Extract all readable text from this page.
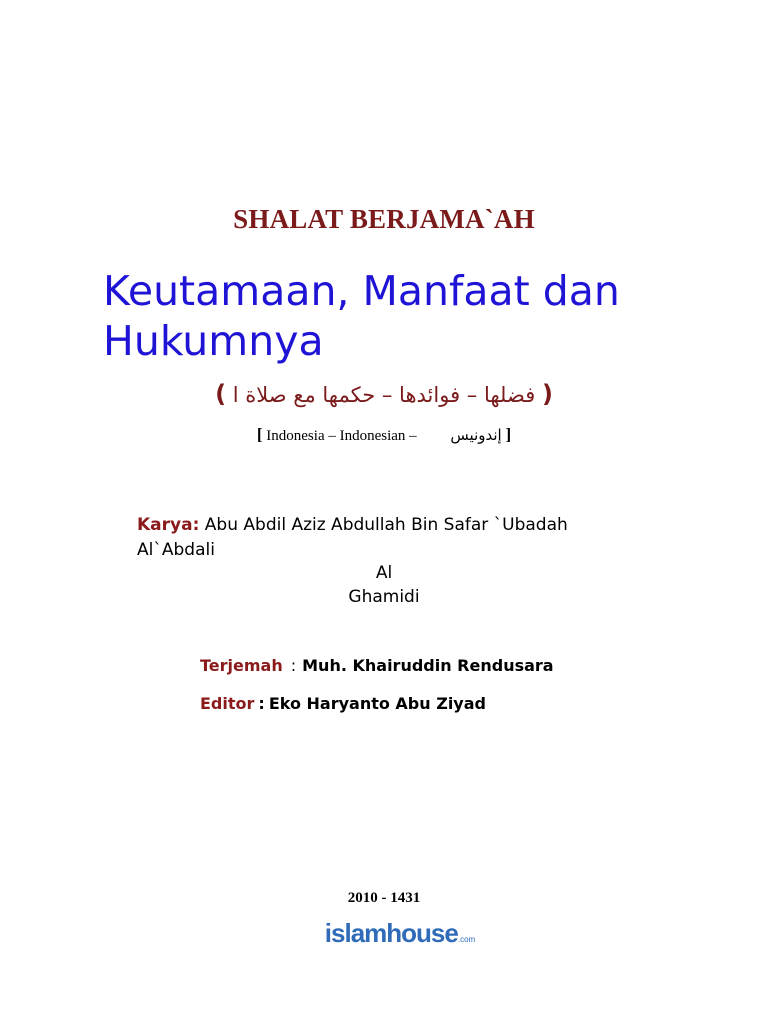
SHALAT BERJAMA`AH
Keutamaan, Manfaat dan Hukumnya
( فضلها – فوائدها – حكمها مع صلاة ا )
[ Indonesia – Indonesian – إندونيس ]
Karya: Abu Abdil Aziz Abdullah Bin Safar `Ubadah
Al`Abdali
Al
Ghamidi
Terjemah : Muh. Khairuddin Rendusara
Editor : Eko Haryanto Abu Ziyad
2010 - 1431
islamhouse.com
